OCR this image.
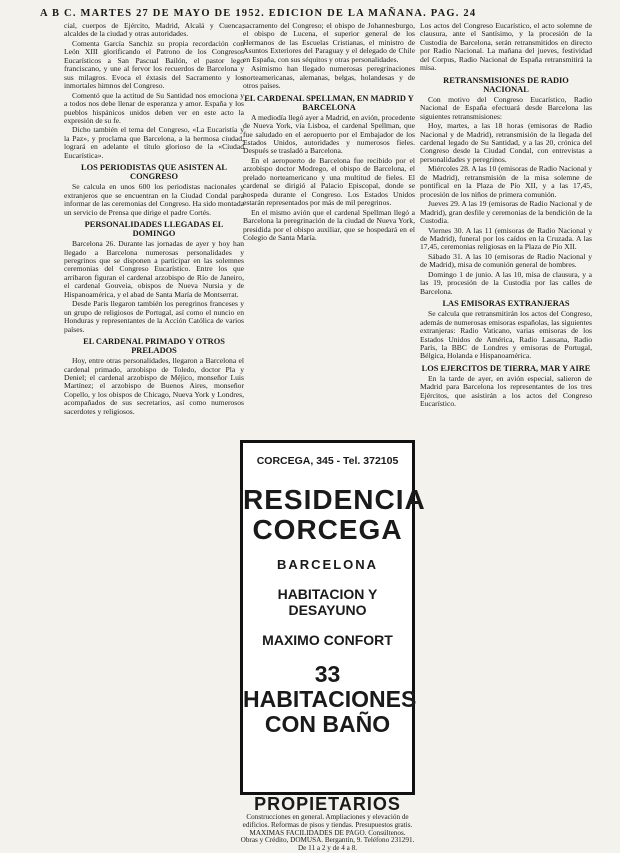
A B C. MARTES 27 DE MAYO DE 1952. EDICION DE LA MAÑANA. PAG. 24

cial, cuerpos de Ejército, Madrid, Alcalá y Cuenca; alcaldes de la ciudad y otras autoridades.

Comenta García Sanchiz su propia recordación con León XIII glorificando el Patrono de los Congresos Eucarísticos a San Pascual Bailón, el pastor lego franciscano, y une al fervor los recuerdos de Barcelona y sus milagros. Evoca el éxtasis del Sacramento y los inmortales himnos del Congreso.

Comentó que la actitud de Su Santidad nos emociona y a todos nos debe llenar de esperanza y amor. España y los pueblos hispánicos unidos deben ver en este acto la expresión de su fe.

Dicho también el tema del Congreso, «La Eucaristía y la Paz», y proclama que Barcelona, a la hermosa ciudad, logrará en adelante el título glorioso de la «Ciudad Eucarística».

LOS PERIODISTAS QUE ASISTEN AL CONGRESO

Se calcula en unos 600 los periodistas nacionales y extranjeros que se encuentran en la Ciudad Condal para informar de las ceremonias del Congreso. Ha sido montada un servicio de Prensa que dirige el padre Cortés.

PERSONALIDADES LLEGADAS EL DOMINGO

Barcelona 26. Durante las jornadas de ayer y hoy han llegado a Barcelona numerosas personalidades y peregrinos que se disponen a participar en las solemnes ceremonias del Congreso Eucarístico. Entre los que arribaron figuran el cardenal arzobispo de Río de Janeiro, el cardenal Gouveia, obispos de Nueva Nursia y de Hispanoamérica, y el abad de Santa María de Montserrat.

Desde París llegaron también los peregrinos franceses y un grupo de religiosos de Portugal, así como el nuncio en Honduras y representantes de la Acción Católica de varios países.

EL CARDENAL PRIMADO Y OTROS PRELADOS

Hoy, entre otras personalidades, llegaron a Barcelona el cardenal primado, arzobispo de Toledo, doctor Pla y Deniel; el cardenal arzobispo de Méjico, monseñor Luis Martínez; el arzobispo de Buenos Aires, monseñor Copello, y los obispos de Chicago, Nueva York y Londres, acompañados de sus secretarios, así como numerosos sacerdotes y religiosos.

sacramento del Congreso; el obispo de Johannesburgo, el obispo de Lucena, el superior general de los Hermanos de las Escuelas Cristianas, el ministro de Asuntos Exteriores del Paraguay y el delegado de Chile en España, con sus séquitos y otras personalidades.

Asimismo han llegado numerosas peregrinaciones norteamericanas, alemanas, belgas, holandesas y de otros países.

EL CARDENAL SPELLMAN, EN MADRID Y BARCELONA

A mediodía llegó ayer a Madrid, en avión, procedente de Nueva York, vía Lisboa, el cardenal Spellman, que fue saludado en el aeropuerto por el Embajador de los Estados Unidos, autoridades y numerosos fieles. Después se trasladó a Barcelona.

En el aeropuerto de Barcelona fue recibido por el arzobispo doctor Modrego, el obispo de Barcelona, el prelado norteamericano y una multitud de fieles. El cardenal se dirigió al Palacio Episcopal, donde se hospeda durante el Congreso. Los Estados Unidos estarán representados por más de mil peregrinos.

En el mismo avión que el cardenal Spellman llegó a Barcelona la peregrinación de la ciudad de Nueva York, presidida por el obispo auxiliar, que se hospedará en el Colegio de Santa María.

CORCEGA, 345 - Tel. 372105
RESIDENCIA CORCEGA
BARCELONA
HABITACION Y DESAYUNO
MAXIMO CONFORT
33 HABITACIONES CON BAÑO
PROPIETARIOS
Construcciones en general. Ampliaciones y elevación de edificios. Reformas de pisos y tiendas. Presupuestos gratis. MAXIMAS FACILIDADES DE PAGO. Consúltenos. Obras y Crédito, DOMUSA. Bergantín, 9. Teléfono 231291. De 11 a 2 y de 4 a 8.

Los actos del Congreso Eucarístico, el acto solemne de clausura, ante el Santísimo, y la procesión de la Custodia de Barcelona, serán retransmitidos en directo por Radio Nacional. La mañana del jueves, festividad del Corpus, Radio Nacional de España retransmitirá la misa.

RETRANSMISIONES DE RADIO NACIONAL

Con motivo del Congreso Eucarístico, Radio Nacional de España efectuará desde Barcelona las siguientes retransmisiones:

Hoy, martes, a las 18 horas (emisoras de Radio Nacional y de Madrid), retransmisión de la llegada del cardenal legado de Su Santidad, y a las 20, crónica del Congreso desde la Ciudad Condal, con entrevistas a personalidades y peregrinos.

Miércoles 28. A las 10 (emisoras de Radio Nacional y de Madrid), retransmisión de la misa solemne de pontifical en la Plaza de Pío XII, y a las 17,45, procesión de los niños de primera comunión.

Jueves 29. A las 19 (emisoras de Radio Nacional y de Madrid), gran desfile y ceremonias de la bendición de la Custodia.

Viernes 30. A las 11 (emisoras de Radio Nacional y de Madrid), funeral por los caídos en la Cruzada. A las 17,45, ceremonias religiosas en la Plaza de Pío XII.

Sábado 31. A las 10 (emisoras de Radio Nacional y de Madrid), misa de comunión general de hombres.

Domingo 1 de junio. A las 10, misa de clausura, y a las 19, procesión de la Custodia por las calles de Barcelona.

LAS EMISORAS EXTRANJERAS

Se calcula que retransmitirán los actos del Congreso, además de numerosas emisoras españolas, las siguientes extranjeras: Radio Vaticano, varias emisoras de los Estados Unidos de América, Radio Lausana, Radio París, la BBC de Londres y emisoras de Portugal, Bélgica, Holanda e Hispanoamérica.

LOS EJERCITOS DE TIERRA, MAR Y AIRE

En la tarde de ayer, en avión especial, salieron de Madrid para Barcelona los representantes de los tres Ejércitos, que asistirán a los actos del Congreso Eucarístico.
